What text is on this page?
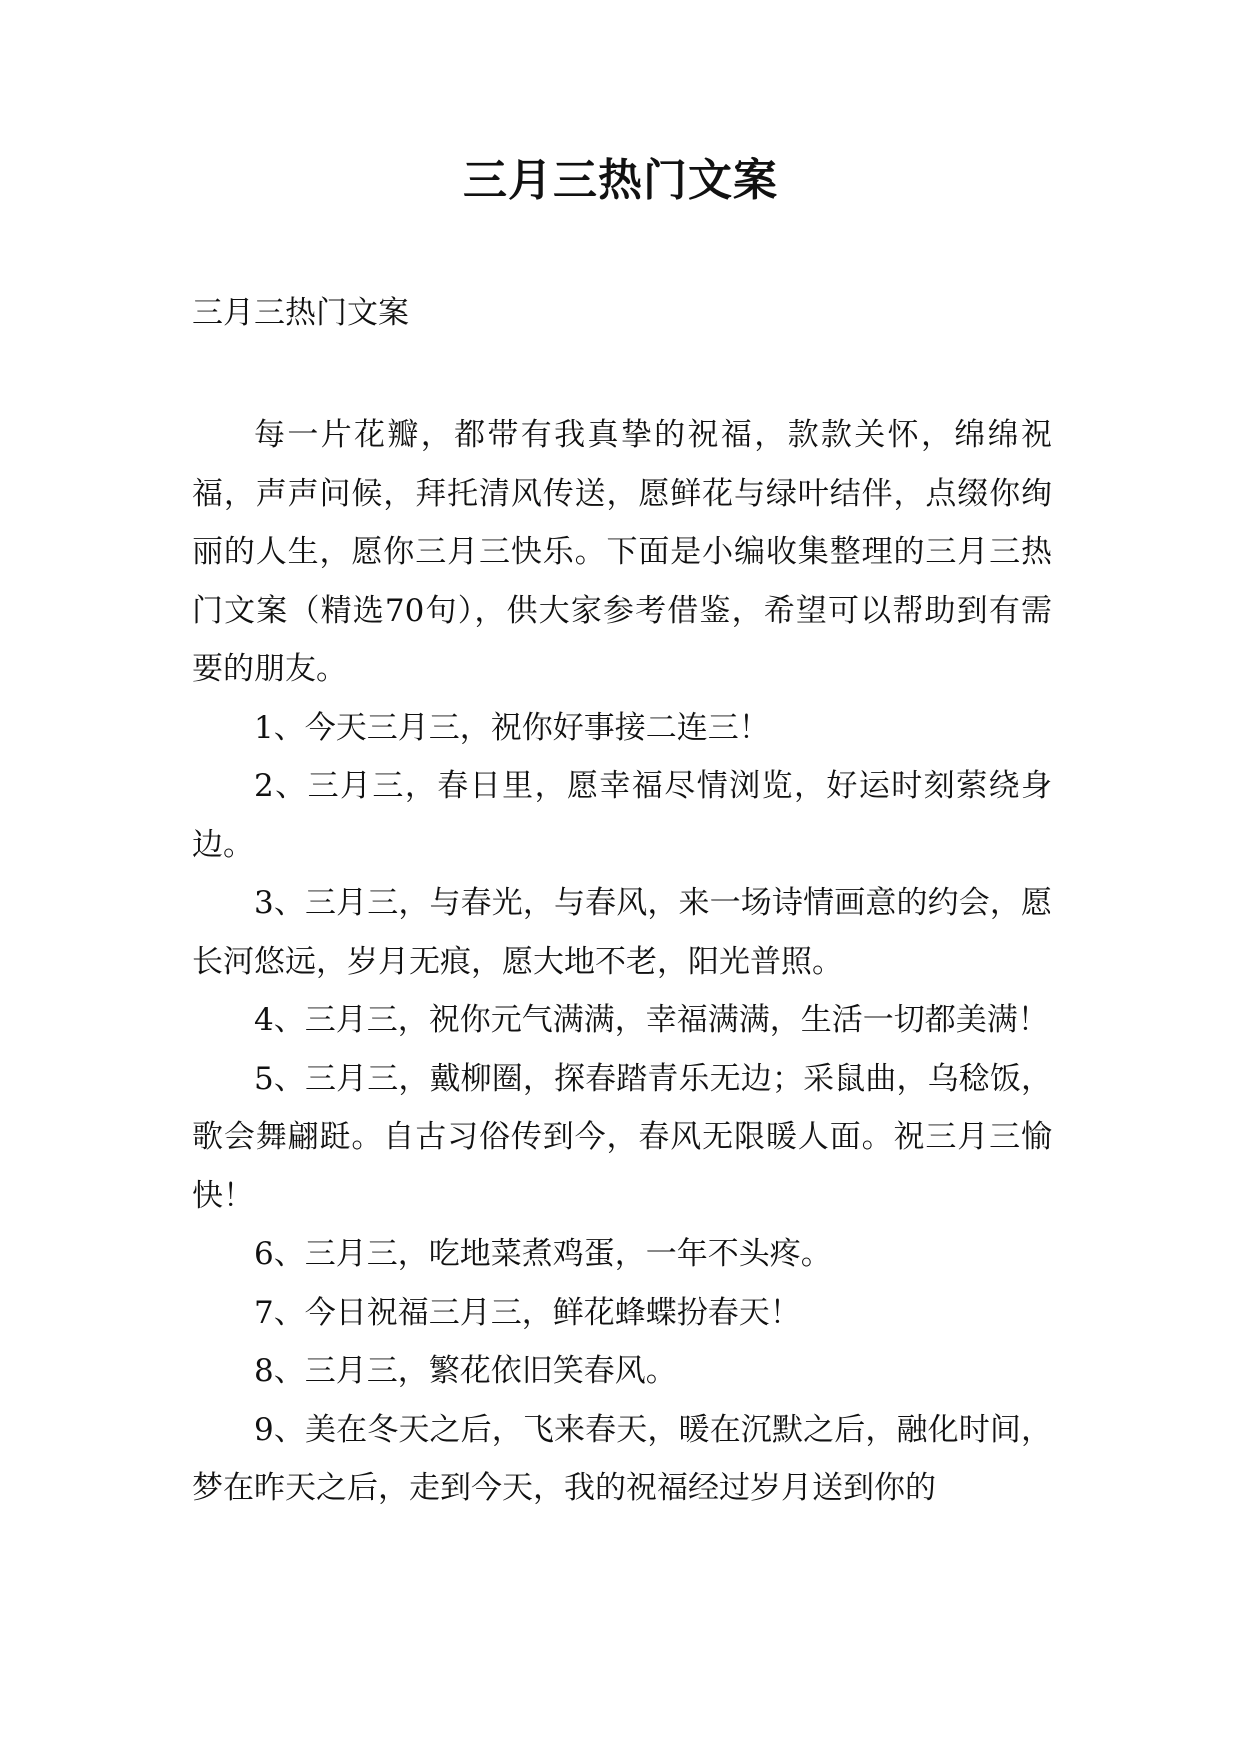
三月三热门文案
三月三热门文案

每一片花瓣，都带有我真挚的祝福，款款关怀，绵绵祝福，声声问候，拜托清风传送，愿鲜花与绿叶结伴，点缀你绚丽的人生，愿你三月三快乐。下面是小编收集整理的三月三热门文案（精选70句），供大家参考借鉴，希望可以帮助到有需要的朋友。

1、今天三月三，祝你好事接二连三！

2、三月三，春日里，愿幸福尽情浏览，好运时刻萦绕身边。

3、三月三，与春光，与春风，来一场诗情画意的约会，愿长河悠远，岁月无痕，愿大地不老，阳光普照。

4、三月三，祝你元气满满，幸福满满，生活一切都美满！

5、三月三，戴柳圈，探春踏青乐无边；采鼠曲，乌稔饭，歌会舞翩跹。自古习俗传到今，春风无限暖人面。祝三月三愉快！

6、三月三，吃地菜煮鸡蛋，一年不头疼。

7、今日祝福三月三，鲜花蜂蝶扮春天！

8、三月三，繁花依旧笑春风。

9、美在冬天之后，飞来春天，暖在沉默之后，融化时间，梦在昨天之后，走到今天，我的祝福经过岁月送到你的
